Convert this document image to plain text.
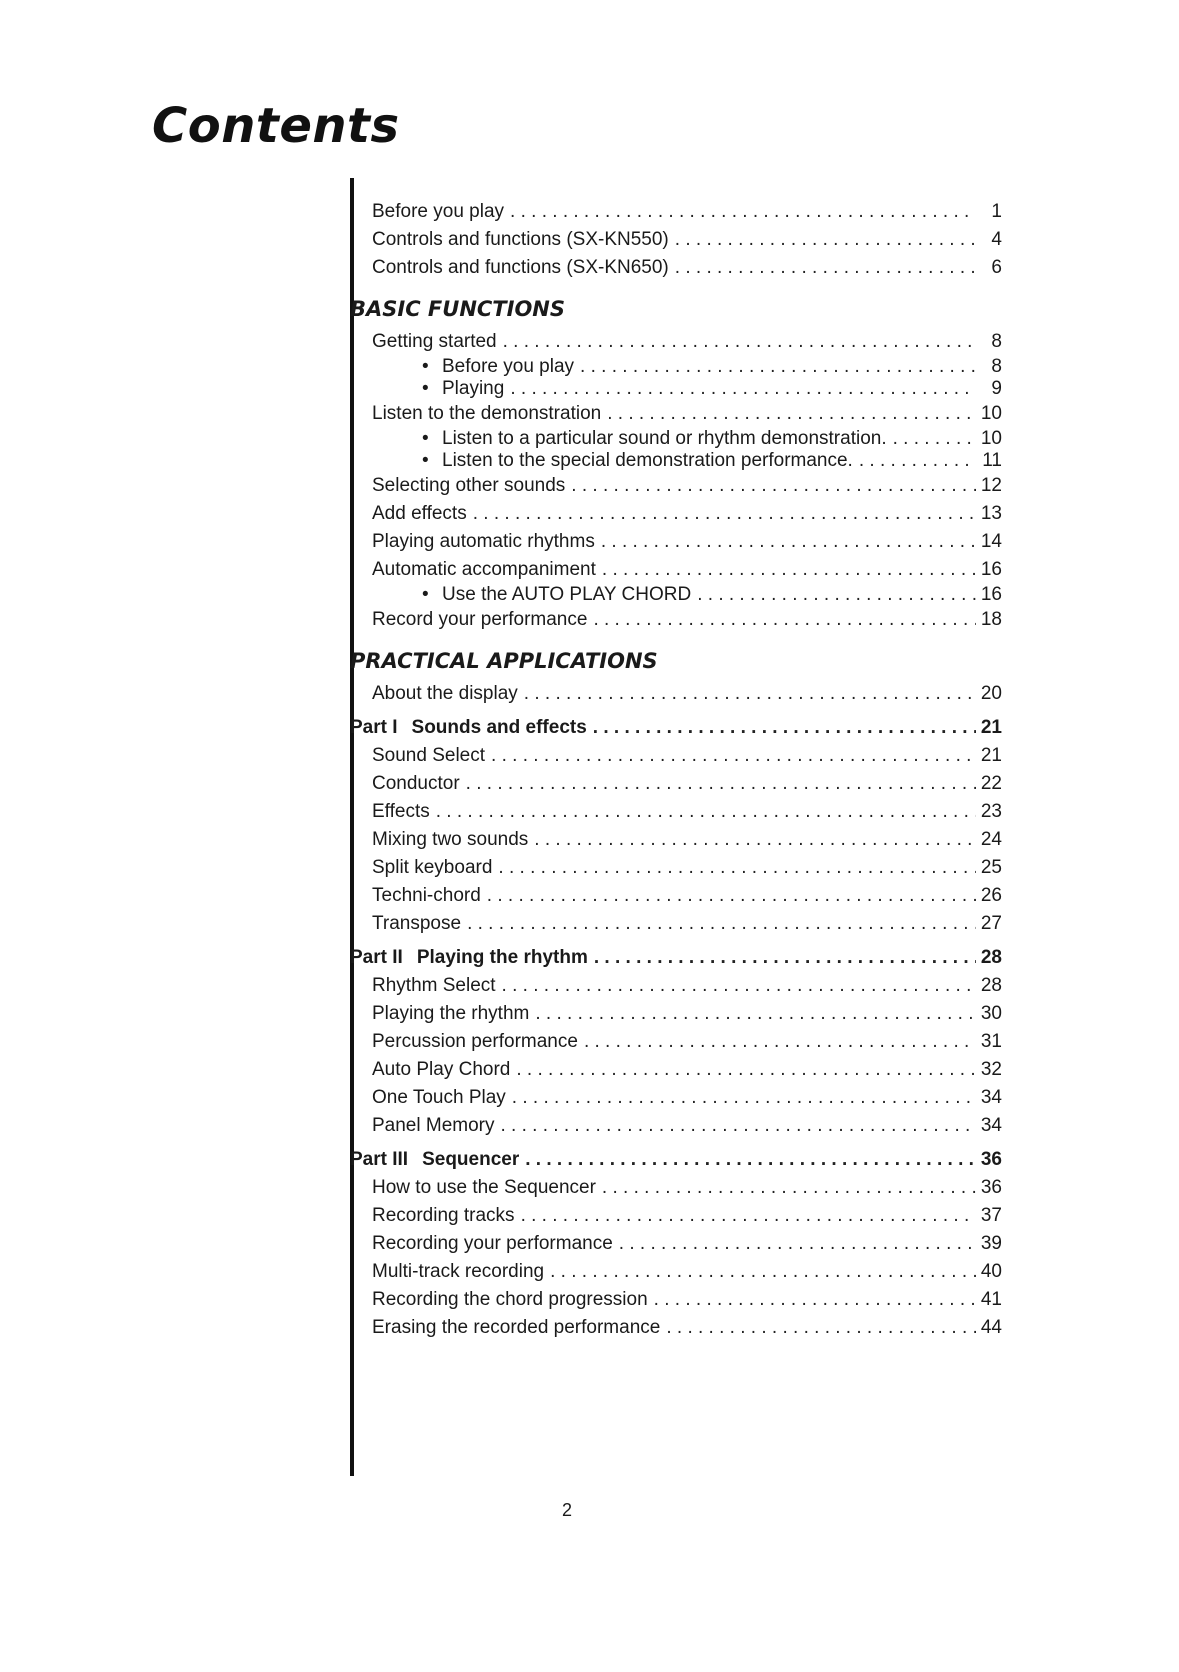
Contents
Before you play . . .	1
Controls and functions (SX-KN550) . . .	4
Controls and functions (SX-KN650) . . .	6
BASIC FUNCTIONS
Getting started . . .	8
• Before you play . . .	8
• Playing . . .	9
Listen to the demonstration . . .	10
• Listen to a particular sound or rhythm demonstration. . . .	10
• Listen to the special demonstration performance. . . .	11
Selecting other sounds . . .	12
Add effects . . .	13
Playing automatic rhythms . . .	14
Automatic accompaniment . . .	16
• Use the AUTO PLAY CHORD . . .	16
Record your performance . . .	18
PRACTICAL APPLICATIONS
About the display . . .	20
Part I Sounds and effects . . .	21
Sound Select . . .	21
Conductor . . .	22
Effects . . .	23
Mixing two sounds . . .	24
Split keyboard . . .	25
Techni-chord . . .	26
Transpose . . .	27
Part II Playing the rhythm . . .	28
Rhythm Select . . .	28
Playing the rhythm . . .	30
Percussion performance . . .	31
Auto Play Chord . . .	32
One Touch Play . . .	34
Panel Memory . . .	34
Part III Sequencer . . .	36
How to use the Sequencer . . .	36
Recording tracks . . .	37
Recording your performance . . .	39
Multi-track recording . . .	40
Recording the chord progression . . .	41
Erasing the recorded performance . . .	44
2
